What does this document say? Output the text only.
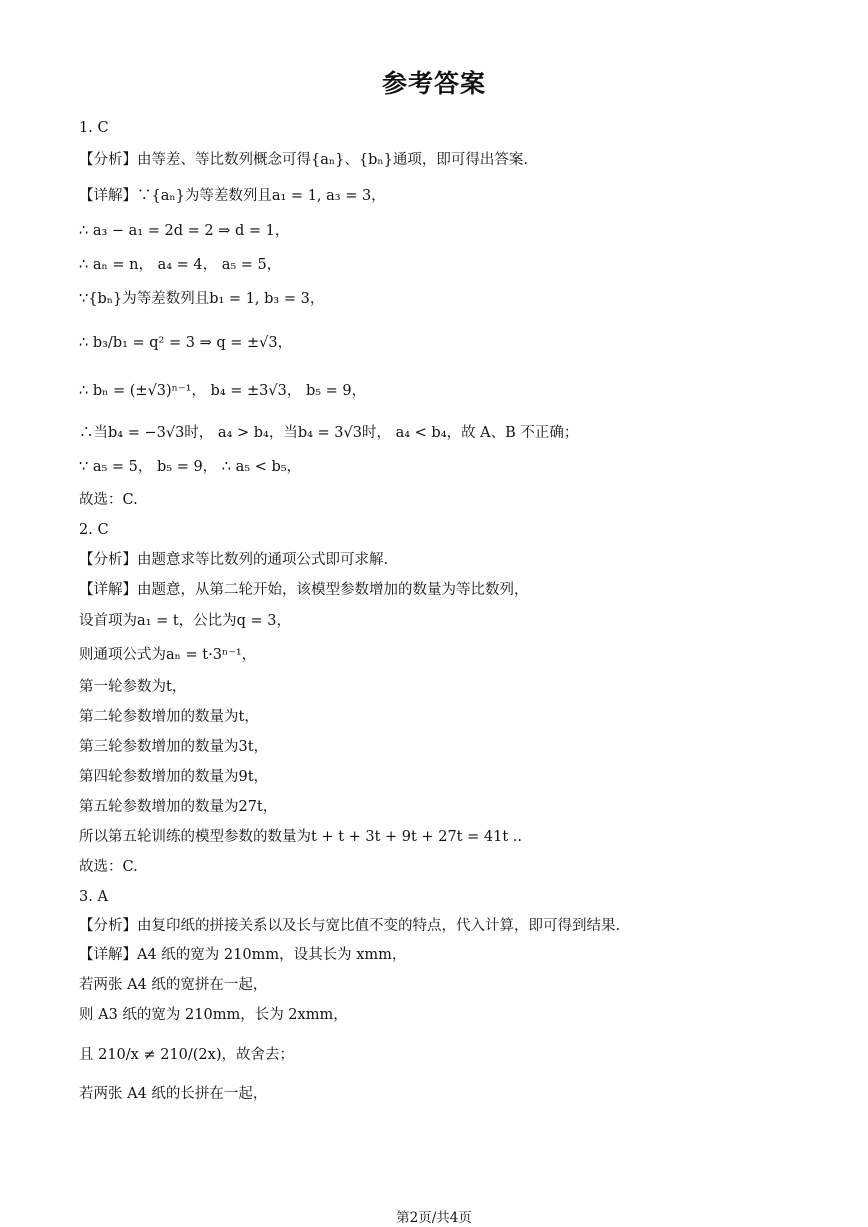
参考答案
1. C
【分析】由等差、等比数列概念可得{aₙ}、{bₙ}通项，即可得出答案.
【详解】∵{aₙ}为等差数列且a₁ = 1, a₃ = 3，
∴ a₃ − a₁ = 2d = 2 ⇒ d = 1，
∴ aₙ = n， a₄ = 4， a₅ = 5，
∵{bₙ}为等差数列且b₁ = 1, b₃ = 3，
∴ b₃/b₁ = q² = 3 ⇒ q = ±√3，
∴ bₙ = (±√3)ⁿ⁻¹， b₄ = ±3√3， b₅ = 9，
∴当b₄ = −3√3时， a₄ > b₄，当b₄ = 3√3时， a₄ < b₄，故 A、B 不正确；
∵ a₅ = 5， b₅ = 9， ∴ a₅ < b₅，
故选：C.
2. C
【分析】由题意求等比数列的通项公式即可求解.
【详解】由题意，从第二轮开始，该模型参数增加的数量为等比数列，
设首项为a₁ = t，公比为q = 3，
则通项公式为aₙ = t·3ⁿ⁻¹，
第一轮参数为t，
第二轮参数增加的数量为t，
第三轮参数增加的数量为3t，
第四轮参数增加的数量为9t，
第五轮参数增加的数量为27t，
所以第五轮训练的模型参数的数量为t + t + 3t + 9t + 27t = 41t ..
故选：C.
3. A
【分析】由复印纸的拼接关系以及长与宽比值不变的特点，代入计算，即可得到结果.
【详解】A4 纸的宽为 210mm，设其长为 xmm，
若两张 A4 纸的宽拼在一起，
则 A3 纸的宽为 210mm，长为 2xmm，
且 210/x ≠ 210/(2x)，故舍去；
若两张 A4 纸的长拼在一起，
第2页/共4页
